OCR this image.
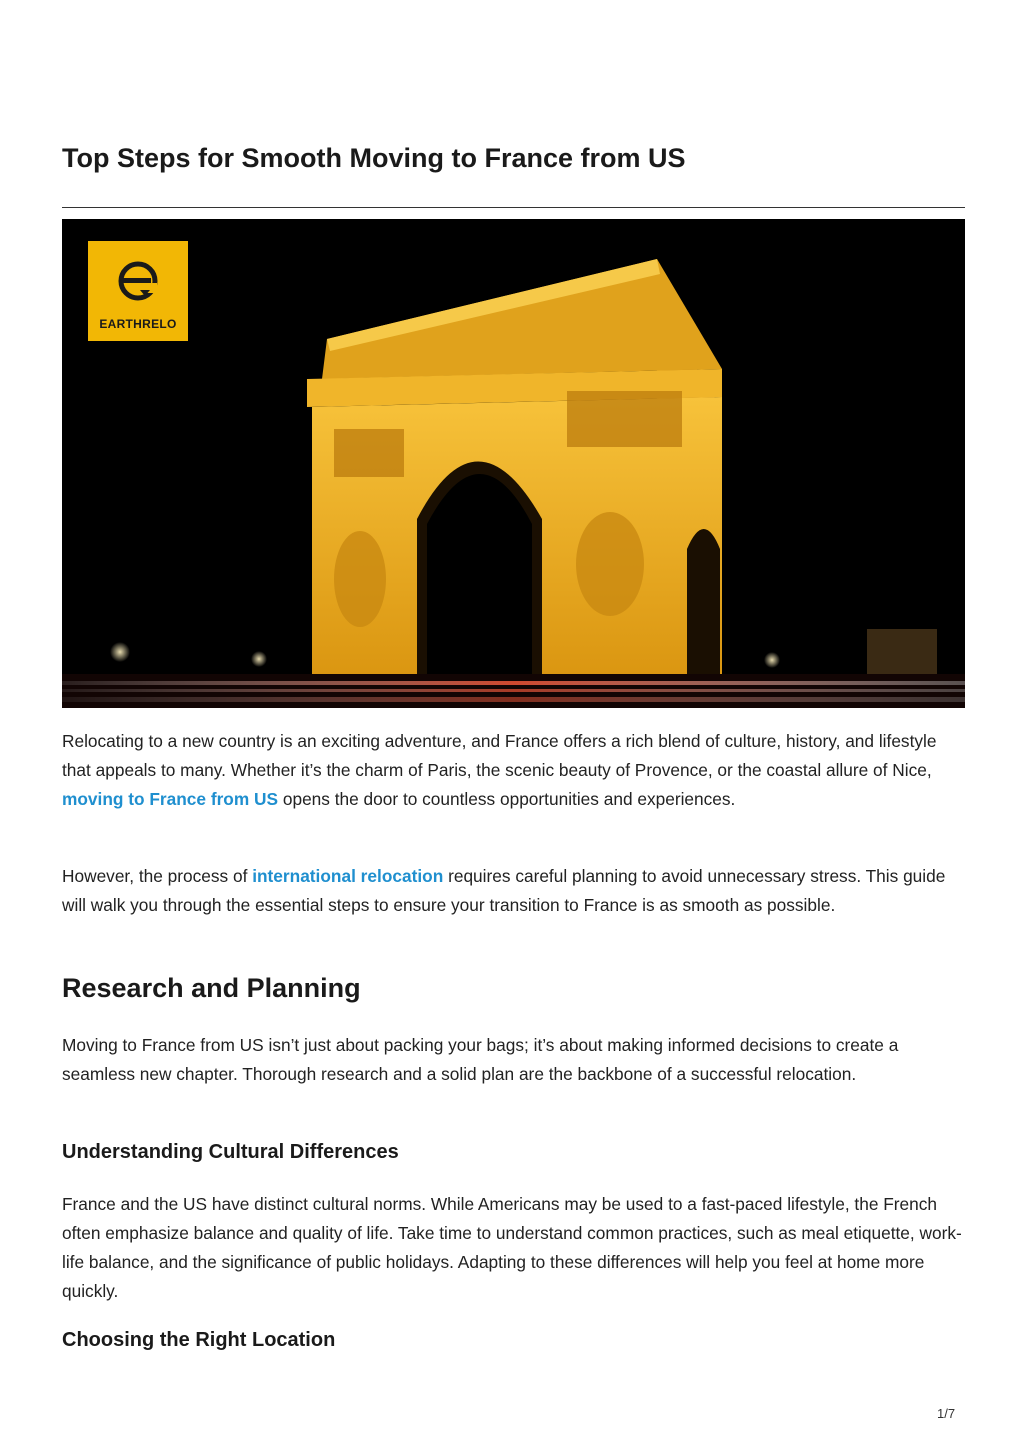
Top Steps for Smooth Moving to France from US
EARTHRELO

Relocating to a new country is an exciting adventure, and France offers a rich blend of culture, history, and lifestyle that appeals to many. Whether it’s the charm of Paris, the scenic beauty of Provence, or the coastal allure of Nice, moving to France from US opens the door to countless opportunities and experiences.

However, the process of international relocation requires careful planning to avoid unnecessary stress. This guide will walk you through the essential steps to ensure your transition to France is as smooth as possible.

Research and Planning

Moving to France from US isn’t just about packing your bags; it’s about making informed decisions to create a seamless new chapter. Thorough research and a solid plan are the backbone of a successful relocation.

Understanding Cultural Differences

France and the US have distinct cultural norms. While Americans may be used to a fast-paced lifestyle, the French often emphasize balance and quality of life. Take time to understand common practices, such as meal etiquette, work-life balance, and the significance of public holidays. Adapting to these differences will help you feel at home more quickly.

Choosing the Right Location
1/7
